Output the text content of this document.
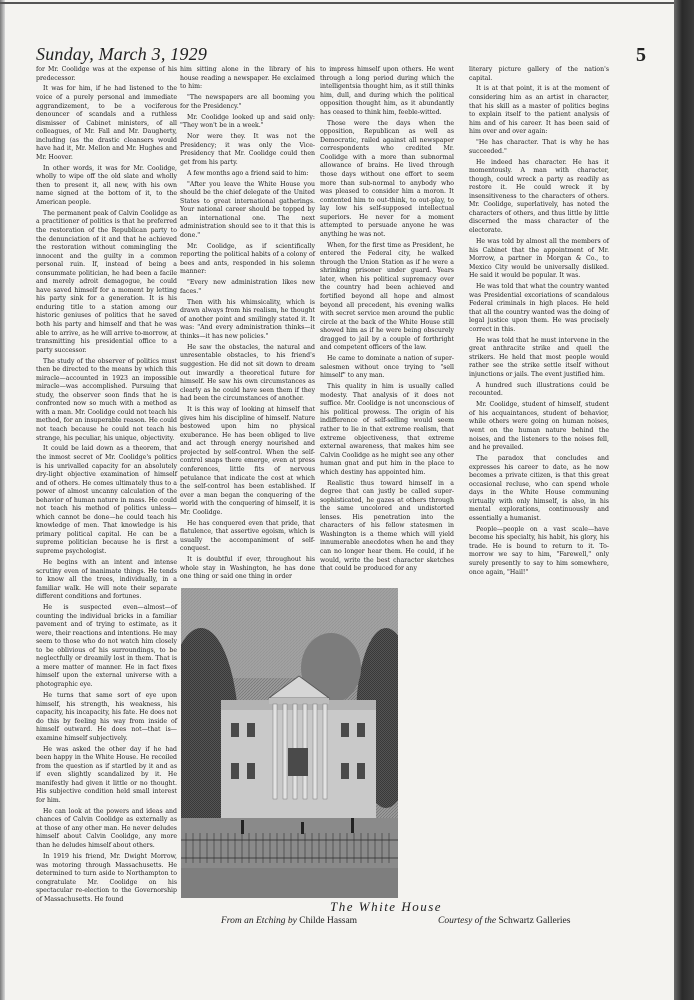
Sunday, March 3, 1929	5

for Mr. Coolidge was at the expense of his predecessor.

It was for him, if he had listened to the voice of a purely personal and immediate aggrandizement, to be a vociferous denouncer of scandals and a ruthless dismisser of Cabinet ministers, of all colleagues, of Mr. Fall and Mr. Daugherty, including (as the drastic cleansers would have had it, Mr. Mellon and Mr. Hughes and Mr. Hoover.

In other words, it was for Mr. Coolidge, wholly to wipe off the old slate and wholly then to present it, all new, with his own name signed at the bottom of it, to the American people.

The permanent peak of Calvin Coolidge as a practitioner of politics is that he preferred the restoration of the Republican party to the denunciation of it and that he achieved the restoration without commingling the innocent and the guilty in a common personal ruin. If, instead of being a consummate politician, he had been a facile and merely adroit demagogue, he could have saved himself for a moment by letting his party sink for a generation. It is his enduring title to a station among our historic geniuses of politics that he saved both his party and himself and that he was able to arrive, as he will arrive to-morrow, at transmitting his presidential office to a party successor.

The study of the observer of politics must then be directed to the means by which this miracle—accounted in 1923 an impossible miracle—was accomplished. Pursuing that study, the observer soon finds that he is confronted now so much with a method as with a man. Mr. Coolidge could not teach his method, for an insuperable reason. He could not teach because he could not teach his strange, his peculiar, his unique, objectivity.

It could be laid down as a theorem, that the inmost secret of Mr. Coolidge's politics is his unrivalled capacity for an absolutely dry-light objective examination of himself and of others. He comes ultimately thus to a power of almost uncanny calculation of the behavior of human nature in mass. He could not teach his method of politics unless—which cannot be done—he could teach his knowledge of men. That knowledge is his primary political capital. He can be a supreme politician because he is first a supreme psychologist.

He begins with an intent and intense scrutiny even of inanimate things. He tends to know all the trees, individually, in a familiar walk. He will note their separate different conditions and fortunes.

He is suspected even—almost—of counting the individual bricks in a familiar pavement and of trying to estimate, as it were, their reactions and intentions. He may seem to those who do not watch him closely to be oblivious of his surroundings, to be neglectfully or dreamily lost in them. That is a mere matter of manner. He in fact fixes himself upon the external universe with a photographic eye.

He turns that same sort of eye upon himself, his strength, his weakness, his capacity, his incapacity, his fate. He does not do this by feeling his way from inside of himself outward. He does not—that is—examine himself subjectively.

He was asked the other day if he had been happy in the White House. He recoiled from the question as if startled by it and as if even slightly scandalized by it. He manifestly had given it little or no thought. His subjective condition held small interest for him.

He can look at the powers and ideas and chances of Calvin Coolidge as externally as at those of any other man. He never deludes himself about Calvin Coolidge, any more than he deludes himself about others.

In 1919 his friend, Mr. Dwight Morrow, was motoring through Massachusetts. He determined to turn aside to Northampton to congratulate Mr. Coolidge on his spectacular re-election to the Governorship of Massachusetts. He found

him sitting alone in the library of his house reading a newspaper. He exclaimed to him:

"The newspapers are all booming you for the Presidency."

Mr. Coolidge looked up and said only: "They won't be in a week."

Nor were they. It was not the Presidency; it was only the Vice-Presidency that Mr. Coolidge could then get from his party.

A few months ago a friend said to him:

"After you leave the White House you should be the chief delegate of the United States to great international gatherings. Your national career should be topped by an international one. The next administration should see to it that this is done."

Mr. Coolidge, as if scientifically reporting the political habits of a colony of bees and ants, responded in his solemn manner:

"Every new administration likes new faces."

Then with his whimsicality, which is drawn always from his realism, he thought of another point and smilingly stated it. It was: "And every administration thinks—it thinks—it has new policies."

He saw the obstacles, the natural and unresentable obstacles, to his friend's suggestion. He did not sit down to dream out inwardly a theoretical future for himself. He saw his own circumstances as clearly as he could have seen them if they had been the circumstances of another.

It is this way of looking at himself that gives him his discipline of himself. Nature bestowed upon him no physical exuberance. He has been obliged to live and act through energy nourished and projected by self-control. When the self-control snaps there emerge, even at press conferences, little fits of nervous petulance that indicate the cost at which the self-control has been established. If ever a man began the conquering of the world with the conquering of himself, it is Mr. Coolidge.

He has conquered even that pride, that flatulence, that assertive egoism, which is usually the accompaniment of self-conquest.

It is doubtful if ever, throughout his whole stay in Washington, he has done one thing or said one thing in order

to impress himself upon others. He went through a long period during which the intelligentsia thought him, as it still thinks him, dull, and during which the political opposition thought him, as it abundantly has ceased to think him, feeble-witted.

Those were the days when the opposition, Republican as well as Democratic, railed against all newspaper correspondents who credited Mr. Coolidge with a more than subnormal allowance of brains. He lived through those days without one effort to seem more than sub-normal to anybody who was pleased to consider him a moron. It contented him to out-think, to out-play, to lay low his self-supposed intellectual superiors. He never for a moment attempted to persuade anyone he was anything he was not.

When, for the first time as President, he entered the Federal city, he walked through the Union Station as if he were a shrinking prisoner under guard. Years later, when his political supremacy over the country had been achieved and fortified beyond all hope and almost beyond all precedent, his evening walks with secret service men around the public circle at the back of the White House still showed him as if he were being obscurely dragged to jail by a couple of forthright and competent officers of the law.

He came to dominate a nation of super-salesmen without once trying to "sell himself" to any man.

This quality in him is usually called modesty. That analysis of it does not suffice. Mr. Coolidge is not unconscious of his political prowess. The origin of his indifference of self-selling would seem rather to lie in that extreme realism, that extreme objectiveness, that extreme external awareness, that makes him see Calvin Coolidge as he might see any other human gnat and put him in the place to which destiny has appointed him.

Realistic thus toward himself in a degree that can justly be called super-sophisticated, he gazes at others through the same uncolored and undistorted lenses. His penetration into the characters of his fellow statesmen in Washington is a theme which will yield innumerable anecdotes when he and they can no longer hear them. He could, if he would, write the best character sketches that could be produced for any

literary picture gallery of the nation's capital.

It is at that point, it is at the moment of considering him as an artist in character, that his skill as a master of politics begins to explain itself to the patient analysis of him and of his career. It has been said of him over and over again:

"He has character. That is why he has succeeded."

He indeed has character. He has it momentously. A man with character, though, could wreck a party as readily as restore it. He could wreck it by insensitiveness to the characters of others. Mr. Coolidge, superlatively, has noted the characters of others, and thus little by little discerned the mass character of the electorate.

He was told by almost all the members of his Cabinet that the appointment of Mr. Morrow, a partner in Morgan & Co., to Mexico City would be universally disliked. He said it would be popular. It was.

He was told that what the country wanted was Presidential excoriations of scandalous Federal criminals in high places. He held that all the country wanted was the doing of legal justice upon them. He was precisely correct in this.

He was told that he must intervene in the great anthracite strike and quell the strikers. He held that most people would rather see the strike settle itself without injunctions or jails. The event justified him.

A hundred such illustrations could be recounted.

Mr. Coolidge, student of himself, student of his acquaintances, student of behavior, while others were going on human noises, went on the human nature behind the noises, and the listeners to the noises fell, and he prevailed.

The paradox that concludes and expresses his career to date, as he now becomes a private citizen, is that this great occasional recluse, who can spend whole days in the White House communing virtually with only himself, is also, in his mental explorations, continuously and essentially a humanist.

People—people on a vast scale—have become his specialty, his habit, his glory, his trade. He is bound to return to it. To-morrow we say to him, "Farewell," only surely presently to say to him somewhere, once again, "Hail!"

The White House
From an Etching by Childe Hassam	Courtesy of the Schwartz Galleries
